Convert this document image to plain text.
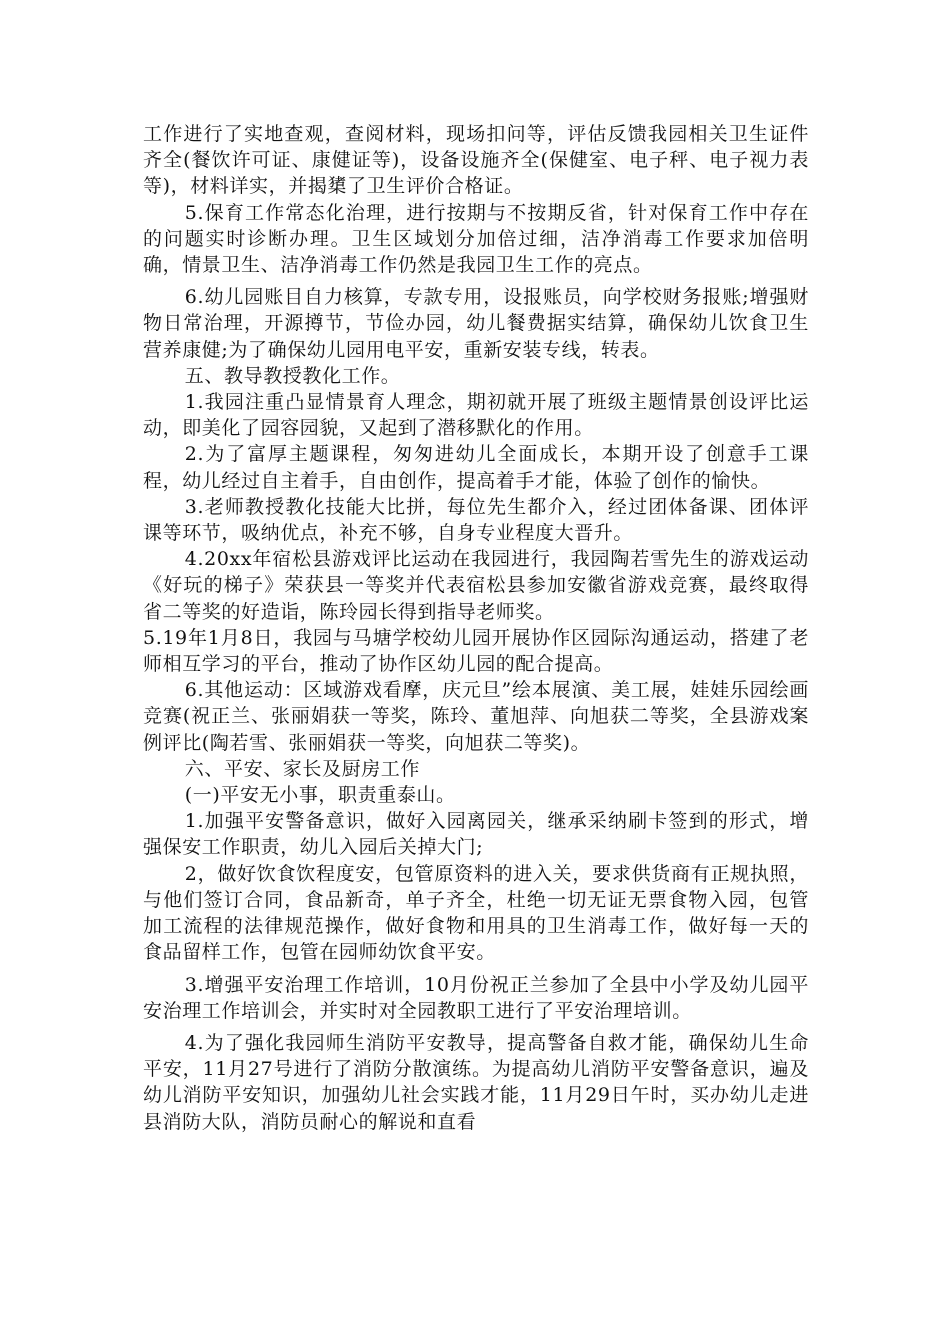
工作进行了实地查观，查阅材料，现场扣问等，评估反馈我园相关卫生证件齐全(餐饮许可证、康健证等)，设备设施齐全(保健室、电子秤、电子视力表等)，材料详实，并揭橥了卫生评价合格证。

5.保育工作常态化治理，进行按期与不按期反省，针对保育工作中存在的问题实时诊断办理。卫生区域划分加倍过细，洁净消毒工作要求加倍明确，情景卫生、洁净消毒工作仍然是我园卫生工作的亮点。

6.幼儿园账目自力核算，专款专用，设报账员，向学校财务报账;增强财物日常治理，开源撙节，节俭办园，幼儿餐费据实结算，确保幼儿饮食卫生营养康健;为了确保幼儿园用电平安，重新安装专线，转表。

五、教导教授教化工作。

1.我园注重凸显情景育人理念，期初就开展了班级主题情景创设评比运动，即美化了园容园貌，又起到了潜移默化的作用。

2.为了富厚主题课程，匆匆进幼儿全面成长，本期开设了创意手工课程，幼儿经过自主着手，自由创作，提高着手才能，体验了创作的愉快。

3.老师教授教化技能大比拼，每位先生都介入，经过团体备课、团体评课等环节，吸纳优点，补充不够，自身专业程度大晋升。

4.20xx年宿松县游戏评比运动在我园进行，我园陶若雪先生的游戏运动《好玩的梯子》荣获县一等奖并代表宿松县参加安徽省游戏竞赛，最终取得省二等奖的好造诣，陈玲园长得到指导老师奖。

5.19年1月8日，我园与马塘学校幼儿园开展协作区园际沟通运动，搭建了老师相互学习的平台，推动了协作区幼儿园的配合提高。

6.其他运动：区域游戏看摩，庆元旦”绘本展演、美工展，娃娃乐园绘画竞赛(祝正兰、张丽娟获一等奖，陈玲、董旭萍、向旭获二等奖，全县游戏案例评比(陶若雪、张丽娟获一等奖，向旭获二等奖)。

六、平安、家长及厨房工作

(一)平安无小事，职责重泰山。

1.加强平安警备意识，做好入园离园关，继承采纳刷卡签到的形式，增强保安工作职责，幼儿入园后关掉大门;

2，做好饮食饮程度安，包管原资料的进入关，要求供货商有正规执照，与他们签订合同，食品新奇，单子齐全，杜绝一切无证无票食物入园，包管加工流程的法律规范操作，做好食物和用具的卫生消毒工作，做好每一天的食品留样工作，包管在园师幼饮食平安。

3.增强平安治理工作培训，10月份祝正兰参加了全县中小学及幼儿园平安治理工作培训会，并实时对全园教职工进行了平安治理培训。

4.为了强化我园师生消防平安教导，提高警备自救才能，确保幼儿生命平安，11月27号进行了消防分散演练。为提高幼儿消防平安警备意识，遍及幼儿消防平安知识，加强幼儿社会实践才能，11月29日午时，买办幼儿走进县消防大队，消防员耐心的解说和直看
